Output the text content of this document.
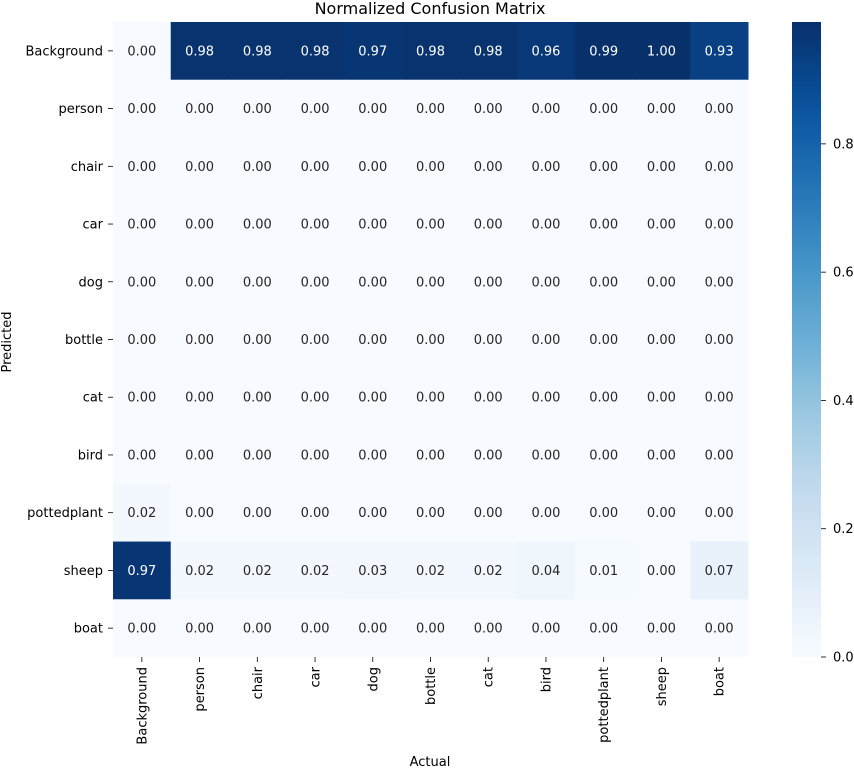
Normalized Confusion Matrix
0.00 0.98 0.98 0.98 0.97 0.98 0.98 0.96 0.99 1.00 0.93
0.00 0.00 0.00 0.00 0.00 0.00 0.00 0.00 0.00 0.00 0.00
0.00 0.00 0.00 0.00 0.00 0.00 0.00 0.00 0.00 0.00 0.00
0.00 0.00 0.00 0.00 0.00 0.00 0.00 0.00 0.00 0.00 0.00
0.00 0.00 0.00 0.00 0.00 0.00 0.00 0.00 0.00 0.00 0.00
0.00 0.00 0.00 0.00 0.00 0.00 0.00 0.00 0.00 0.00 0.00
0.00 0.00 0.00 0.00 0.00 0.00 0.00 0.00 0.00 0.00 0.00
0.00 0.00 0.00 0.00 0.00 0.00 0.00 0.00 0.00 0.00 0.00
0.02 0.00 0.00 0.00 0.00 0.00 0.00 0.00 0.00 0.00 0.00
0.97 0.02 0.02 0.02 0.03 0.02 0.02 0.04 0.01 0.00 0.07
0.00 0.00 0.00 0.00 0.00 0.00 0.00 0.00 0.00 0.00 0.00
Background
person
chair
car
dog
bottle
cat
bird
pottedplant
sheep
boat
Background	person	chair	car	dog	bottle	cat	bird	pottedplant	sheep	boat
Actual
Predicted
0.0
0.2
0.4
0.6
0.8
